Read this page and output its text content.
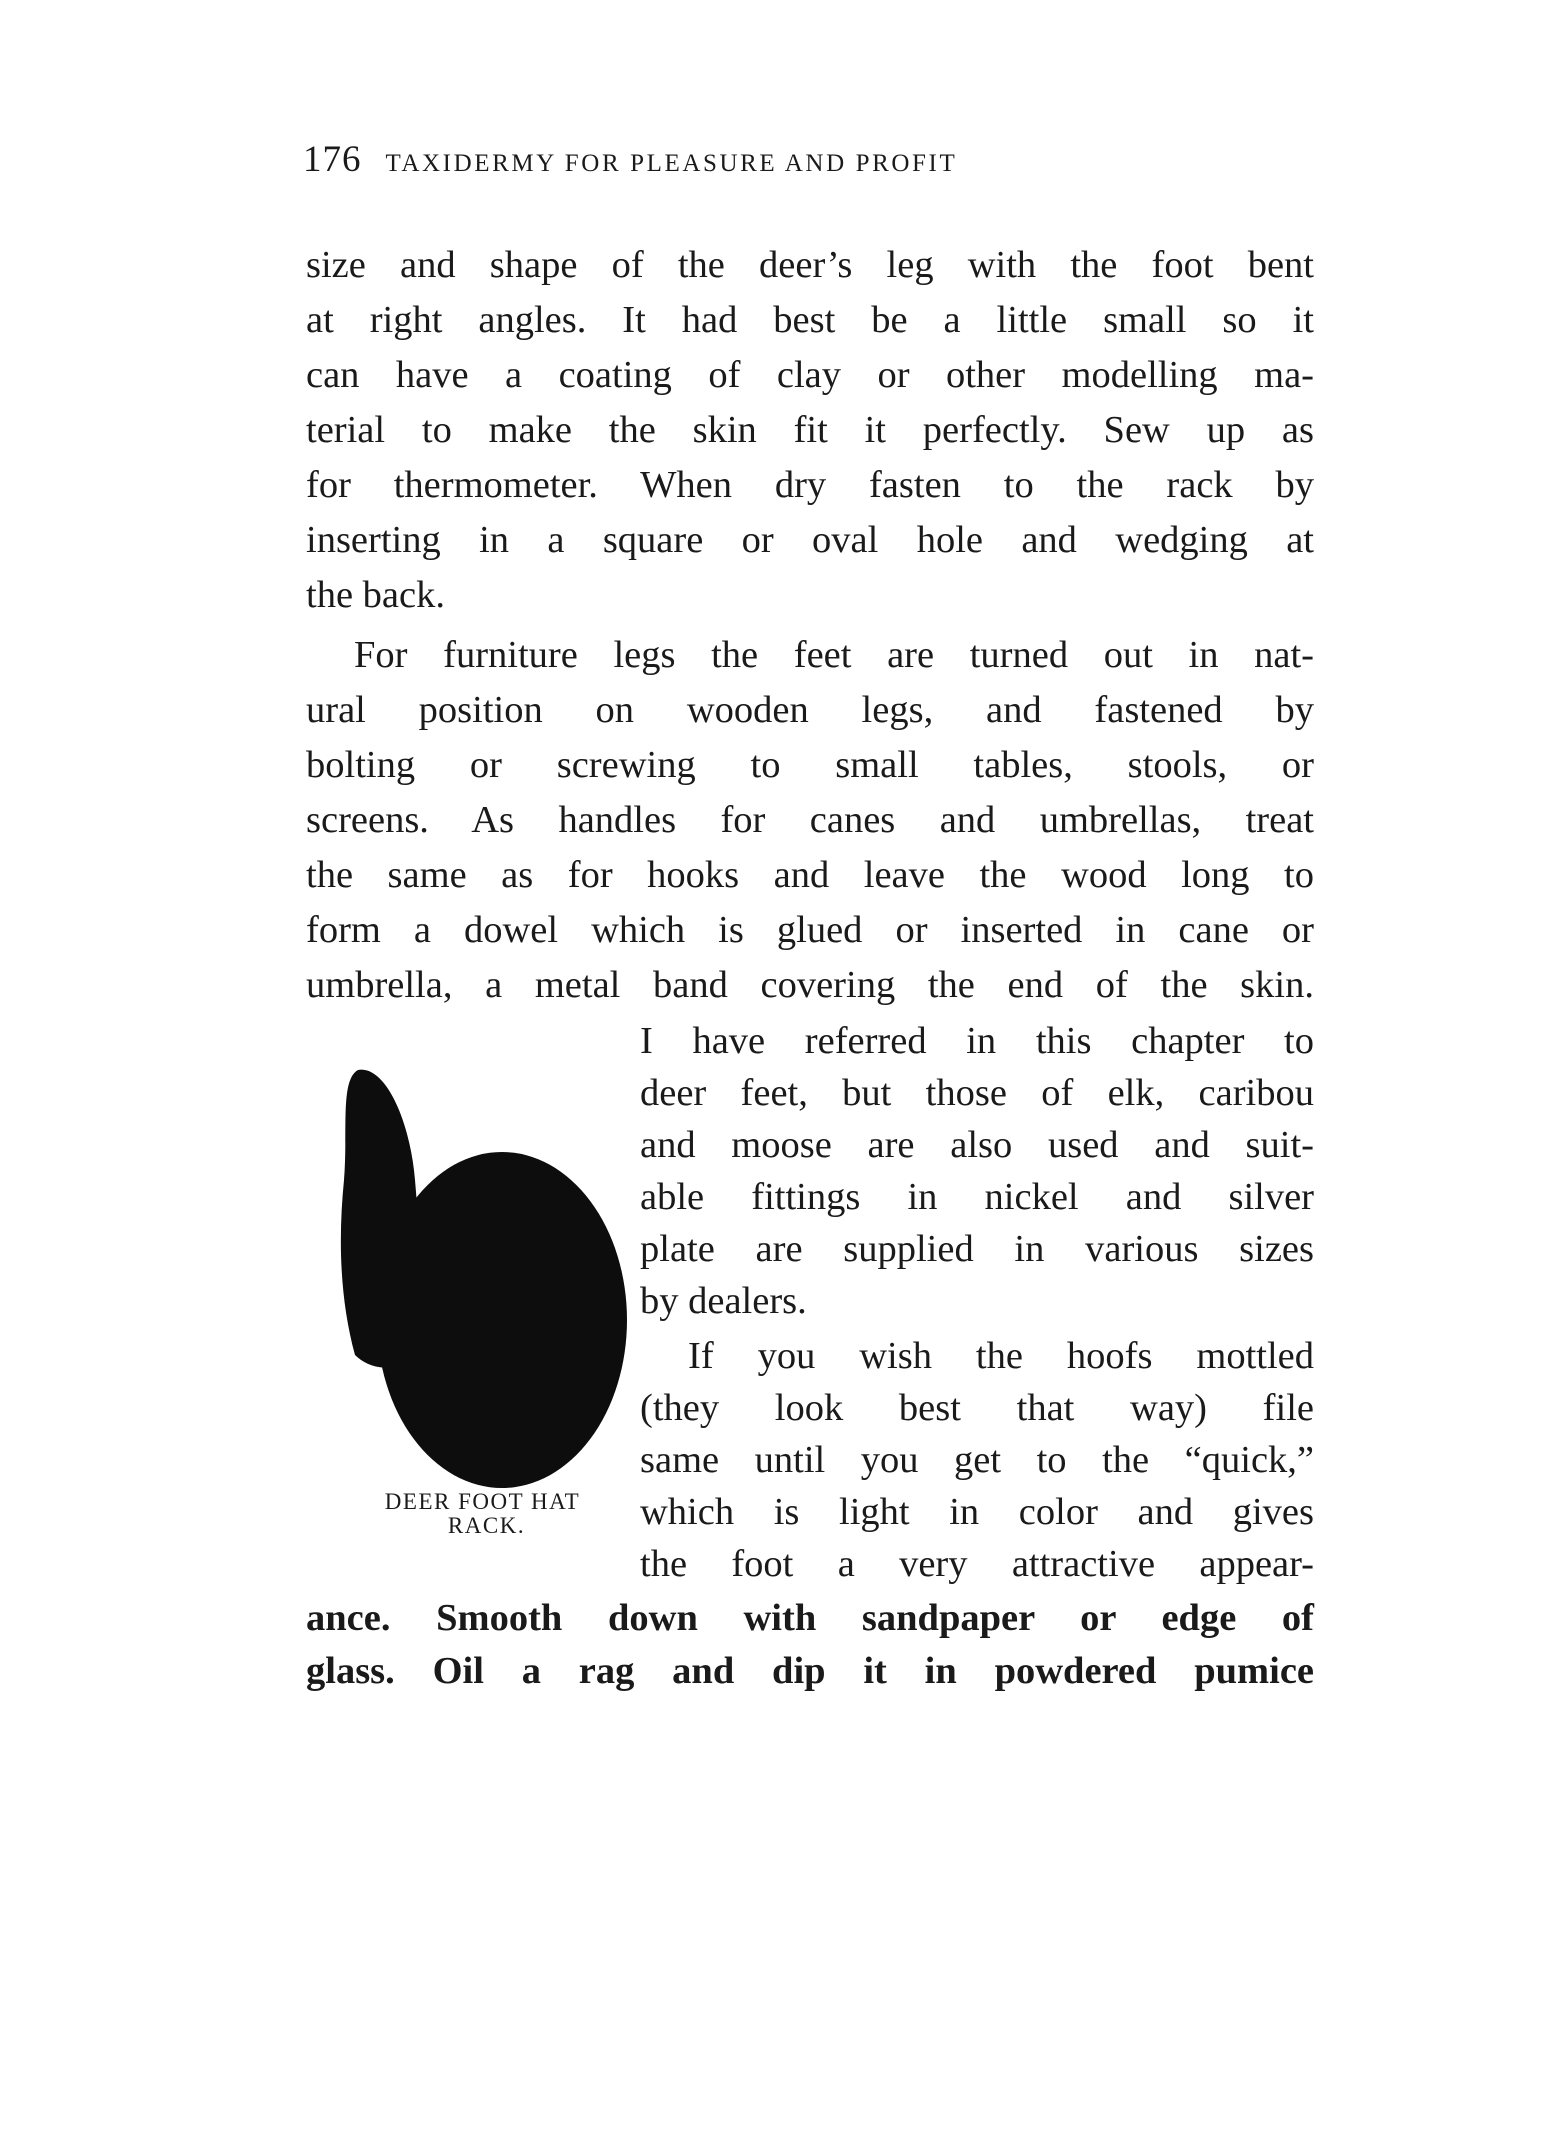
176 TAXIDERMY FOR PLEASURE AND PROFIT
size and shape of the deer’s leg with the foot bent
at right angles. It had best be a little small so it
can have a coating of clay or other modelling ma-
terial to make the skin fit it perfectly. Sew up as
for thermometer. When dry fasten to the rack by
inserting in a square or oval hole and wedging at
the back.
For furniture legs the feet are turned out in nat-
ural position on wooden legs, and fastened by
bolting or screwing to small tables, stools, or
screens. As handles for canes and umbrellas, treat
the same as for hooks and leave the wood long to
form a dowel which is glued or inserted in cane or
umbrella, a metal band covering the end of the skin.
I have referred in this chapter to
deer feet, but those of elk, caribou
and moose are also used and suit-
able fittings in nickel and silver
plate are supplied in various sizes
by dealers.
If you wish the hoofs mottled
(they look best that way) file
same until you get to the “quick,”
which is light in color and gives
the foot a very attractive appear-
ance. Smooth down with sandpaper or edge of
glass. Oil a rag and dip it in powdered pumice
DEER FOOT HAT
RACK.
